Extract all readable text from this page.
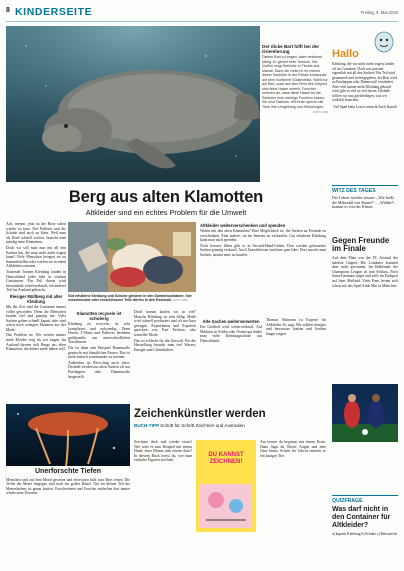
8 KINDERSEITE	Freitag, 9. Mai 2025
Der dicke Bart hilft bei der Orientierung
Diesen Bart zu tragen, wäre bestimmt witzig. Er gehört einer Seekuh. Der Vorfilm zeigt Seekühe in Florida aus Manati. Dann die vielen in ihr meinst dieser Seekühe in der Flüsse Amazonas auf dem Kontinent Südamerika. Nicht nur am Bart, auch auf dem Rest des Körpers sind feine Haare verteilt. Forscher nehmen an, dass diese Haare für die Seekühe eine wichtige Funktion haben: Sie sind Tastsinn. Mit ihnen spüren die Tiere ihre Umgebung und Strömungen.
FOTO: DPA
Hallo
Kleidung, die wir nicht mehr tragen, landet oft im Container. Doch was passiert eigentlich mit all den Sachen? Ein Teil wird gesammelt und weitergegeben, der Rest wird zu Putzlappen oder Dämmstoff verarbeitet. Aber weil immer mehr Kleidung gekauft wird, gibt es viel zu viel davon. Deshalb sollten wir uns gut überlegen, was wir wirklich brauchen.
Viel Spaß beim Lesen wünscht Euch Kaweh
Berg aus alten Klamotten
Altkleider sind ein echtes Problem für die Umwelt

Ach, menno, jetzt ist die Hose schon wieder zu kurz. Der Pullover und die Schuhe sind auch zu klein. Weil man als Kind schnell wächst, braucht man ständig neue Klamotten.

Doch wo soll man nun mit all den Sachen hin, die man nicht mehr tragen kann? Viele Menschen bringen sie zu Sammelstellen oder werfen sie in einen Altkleidercontainer.

Tausende Tonnen Kleidung landen in Deutschland jedes Jahr in solchen Containern. Ein Teil davon wird hierzulande weiterverkauft, ein anderer Teil ins Ausland gebracht.

Riesiger Müllberg mit alter Kleidung

Mit der Zeit sind die Container immer voller geworden. Denn die Menschen kaufen viel und günstig ein. Viele Sachen gehen schnell kaputt oder sind schon nach wenigen Monaten aus der Mode.

Das Problem ist: Wir werfen immer mehr Kleider weg als wir tragen. Im Ausland türmen sich Berge aus alten Klamotten, die keiner mehr haben will.

Gut erhaltene Kleidung und Schuhe gehören in den Sammelcontainer, hier verschmutzte oder verschlissene Teile dürfen in den Restmüll. FOTO: DPA
Klamotten recyceln ist schwierig

Kleidung zu recyceln, ist sehr kompliziert und aufwendig. Denn Hosen, T-Shirts und Pullover bestehen größtenteils aus unterschiedlichen Textilfasern.

Die ist dann sein Beispiel Baumwolle gemischt mit künstlichen Fasern. Das ist nicht einfach voneinander zu trennen.

Außerdem ist Recycling noch teuer. Deshalb werden aus alten Sachen oft nur Putzlappen oder Dämmstoffe hergestellt.

Doch warum kaufen wir so viel? Manche Kleidung ist sehr billig. Mode wird schnell produziert und oft nur kurz getragen. Expertinnen und Experten sprechen von Fast Fashion, also schneller Mode.

Das ist schlecht für die Umwelt. Für die Herstellung braucht man viel Wasser, Energie und Chemikalien.

Altkleider weiterverschenken und spenden

Wohin mit den alten Klamotten? Eine Möglichkeit ist, die Sachen an Freunde zu verschenken. Eine andere, sie im Internet zu verkaufen. Gut erhaltene Kleidung kann man auch spenden.

Noch bessere Ideen gibt es in Second-Hand-Läden. Dort werden gebrauchte Sachen günstig verkauft. Auch Tauschbörsen sind eine gute Idee: Dort tauscht man Sachen, anstatt neue zu kaufen.

Alte Sachen weiterverwerten

Ein Großteil wird weiterverkauft. Auf Märkten in Afrika oder Osteuropa findet man viele Kleidungsstücke aus Deutschland.

Thomas Ahlmann ist Experte für Altkleider. Er sagt: Wir sollten weniger und bewusster kaufen und Sachen länger tragen.

WITZ DES TAGES
Der Lehrer möchte wissen: „Wie heißt die Mehrzahl von Baum?“ – „Wälder!“, kommt es von der Klasse.
Gegen Freunde im Finale
Auf dem Platz war der FC Arsenal der stärkste Gegner. Die Londoner konnten aber nicht gewinnen. Im Halbfinale der Champions League ist nun Schluss. Paris Saint-Germain siegte und trifft im Endspiel auf Inter Mailand. Viele Fans freuen sich schon auf das Spiel Ende Mai in München.
Unerforschte Tiefen
Menschen sind auf dem Mond gewesen und erforschen bald zum Mars reisen. Die Tiefen der Meere hingegen sind noch ein großes Rätsel. Nur ein kleiner Teil des Meeresbodens ist genau kartiert. Forscherinnen und Forscher entdecken dort immer wieder neue Tierarten.
Zeichenkünstler werden
BUCH-TIPP Schritt für Schritt Zeichnen und Ausmalen

Zeichnen doch mal wieder etwas! Wie wäre es zum Beispiel mit einem Hund, einer Blume oder einem Auto? In diesem Buch lernst du, wie man einfache Figuren zeichnet.

DU KANNST ZEICHNEN!

Am besten du beginnst mit einem Kreis. Dann fügst du Ohren, Augen und eine Nase hinzu. Schritt für Schritt entsteht so ein lustiges Tier.

QUIZFRAGE
Was darf nicht in den Container für Altkleider?
a) kaputte Kleidung b) Schuhe c) Bettwäsche
